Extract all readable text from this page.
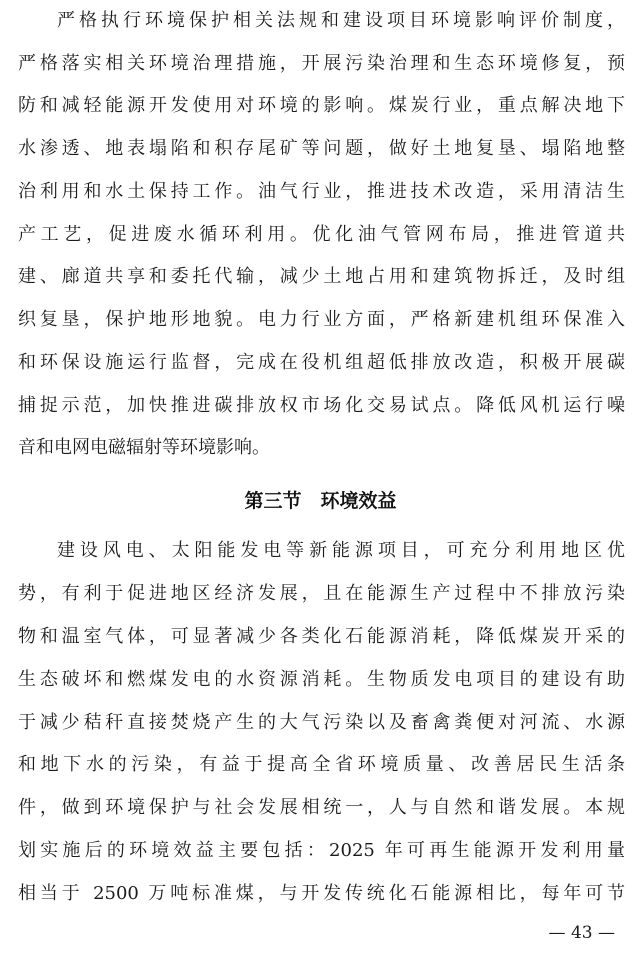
严格执行环境保护相关法规和建设项目环境影响评价制度，
严格落实相关环境治理措施，开展污染治理和生态环境修复，预
防和减轻能源开发使用对环境的影响。煤炭行业，重点解决地下
水渗透、地表塌陷和积存尾矿等问题，做好土地复垦、塌陷地整
治利用和水土保持工作。油气行业，推进技术改造，采用清洁生
产工艺，促进废水循环利用。优化油气管网布局，推进管道共
建、廊道共享和委托代输，减少土地占用和建筑物拆迁，及时组
织复垦，保护地形地貌。电力行业方面，严格新建机组环保准入
和环保设施运行监督，完成在役机组超低排放改造，积极开展碳
捕捉示范，加快推进碳排放权市场化交易试点。降低风机运行噪
音和电网电磁辐射等环境影响。
第三节　环境效益
建设风电、太阳能发电等新能源项目，可充分利用地区优
势，有利于促进地区经济发展，且在能源生产过程中不排放污染
物和温室气体，可显著减少各类化石能源消耗，降低煤炭开采的
生态破坏和燃煤发电的水资源消耗。生物质发电项目的建设有助
于减少秸秆直接焚烧产生的大气污染以及畜禽粪便对河流、水源
和地下水的污染，有益于提高全省环境质量、改善居民生活条
件，做到环境保护与社会发展相统一，人与自然和谐发展。本规
划实施后的环境效益主要包括：2025 年可再生能源开发利用量
相当于 2500 万吨标准煤，与开发传统化石能源相比，每年可节
— 43 —
